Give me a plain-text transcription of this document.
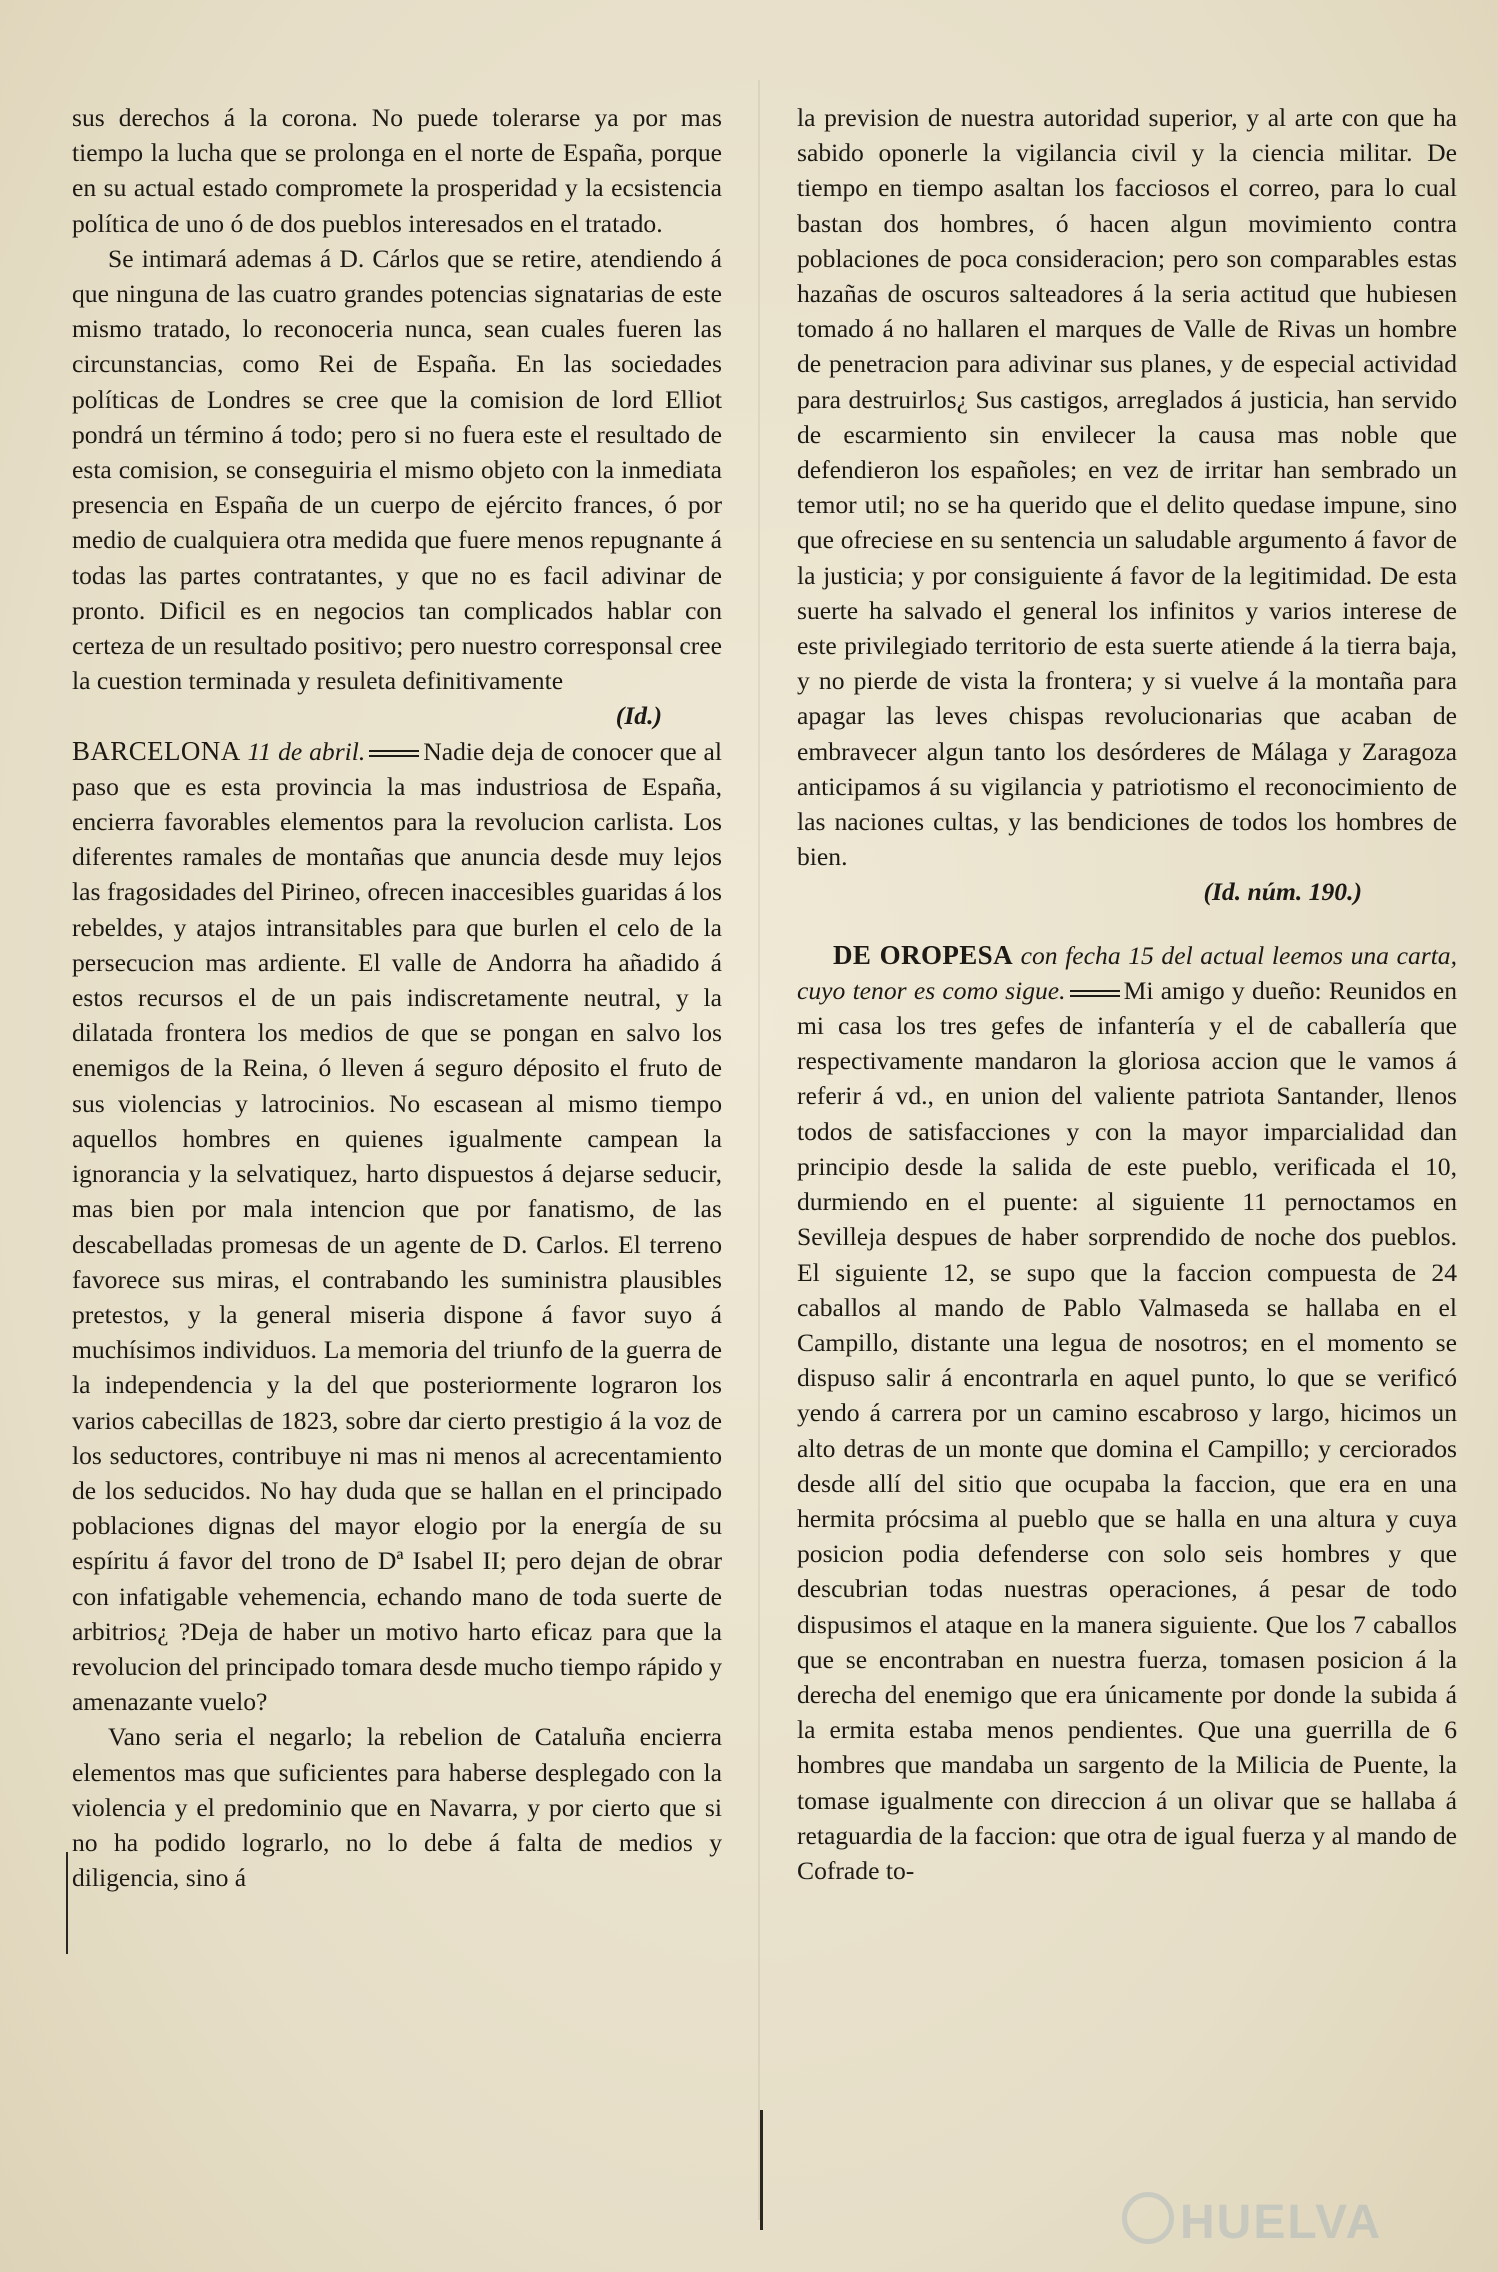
sus derechos á la corona. No puede tolerarse ya por mas tiempo la lucha que se prolonga en el norte de España, porque en su actual estado compromete la prosperidad y la ecsistencia política de uno ó de dos pueblos interesados en el tratado.

Se intimará ademas á D. Cárlos que se retire, atendiendo á que ninguna de las cuatro grandes potencias signatarias de este mismo tratado, lo reconoceria nunca, sean cuales fueren las circunstancias, como Rei de España. En las sociedades políticas de Londres se cree que la comision de lord Elliot pondrá un término á todo; pero si no fuera este el resultado de esta comision, se conseguiria el mismo objeto con la inmediata presencia en España de un cuerpo de ejército frances, ó por medio de cualquiera otra medida que fuere menos repugnante á todas las partes contratantes, y que no es facil adivinar de pronto. Dificil es en negocios tan complicados hablar con certeza de un resultado positivo; pero nuestro corresponsal cree la cuestion terminada y resuleta definitivamente

(Id.)

BARCELONA 11 de abril. Nadie deja de conocer que al paso que es esta provincia la mas industriosa de España, encierra favorables elementos para la revolucion carlista. Los diferentes ramales de montañas que anuncia desde muy lejos las fragosidades del Pirineo, ofrecen inaccesibles guaridas á los rebeldes, y atajos intransitables para que burlen el celo de la persecucion mas ardiente. El valle de Andorra ha añadido á estos recursos el de un pais indiscretamente neutral, y la dilatada frontera los medios de que se pongan en salvo los enemigos de la Reina, ó lleven á seguro déposito el fruto de sus violencias y latrocinios. No escasean al mismo tiempo aquellos hombres en quienes igualmente campean la ignorancia y la selvatiquez, harto dispuestos á dejarse seducir, mas bien por mala intencion que por fanatismo, de las descabelladas promesas de un agente de D. Carlos. El terreno favorece sus miras, el contrabando les suministra plausibles pretestos, y la general miseria dispone á favor suyo á muchísimos individuos. La memoria del triunfo de la guerra de la independencia y la del que posteriormente lograron los varios cabecillas de 1823, sobre dar cierto prestigio á la voz de los seductores, contribuye ni mas ni menos al acrecentamiento de los seducidos. No hay duda que se hallan en el principado poblaciones dignas del mayor elogio por la energía de su espíritu á favor del trono de Dª Isabel II; pero dejan de obrar con infatigable vehemencia, echando mano de toda suerte de arbitrios¿ ?Deja de haber un motivo harto eficaz para que la revolucion del principado tomara desde mucho tiempo rápido y amenazante vuelo?

Vano seria el negarlo; la rebelion de Cataluña encierra elementos mas que suficientes para haberse desplegado con la violencia y el predominio que en Navarra, y por cierto que si no ha podido lograrlo, no lo debe á falta de medios y diligencia, sino á

la prevision de nuestra autoridad superior, y al arte con que ha sabido oponerle la vigilancia civil y la ciencia militar. De tiempo en tiempo asaltan los facciosos el correo, para lo cual bastan dos hombres, ó hacen algun movimiento contra poblaciones de poca consideracion; pero son comparables estas hazañas de oscuros salteadores á la seria actitud que hubiesen tomado á no hallaren el marques de Valle de Rivas un hombre de penetracion para adivinar sus planes, y de especial actividad para destruirlos¿ Sus castigos, arreglados á justicia, han servido de escarmiento sin envilecer la causa mas noble que defendieron los españoles; en vez de irritar han sembrado un temor util; no se ha querido que el delito quedase impune, sino que ofreciese en su sentencia un saludable argumento á favor de la justicia; y por consiguiente á favor de la legitimidad. De esta suerte ha salvado el general los infinitos y varios interese de este privilegiado territorio de esta suerte atiende á la tierra baja, y no pierde de vista la frontera; y si vuelve á la montaña para apagar las leves chispas revolucionarias que acaban de embravecer algun tanto los desórderes de Málaga y Zaragoza anticipamos á su vigilancia y patriotismo el reconocimiento de las naciones cultas, y las bendiciones de todos los hombres de bien.

(Id. núm. 190.)

DE OROPESA con fecha 15 del actual leemos una carta, cuyo tenor es como sigue. Mi amigo y dueño: Reunidos en mi casa los tres gefes de infantería y el de caballería que respectivamente mandaron la gloriosa accion que le vamos á referir á vd., en union del valiente patriota Santander, llenos todos de satisfacciones y con la mayor imparcialidad dan principio desde la salida de este pueblo, verificada el 10, durmiendo en el puente: al siguiente 11 pernoctamos en Sevilleja despues de haber sorprendido de noche dos pueblos. El siguiente 12, se supo que la faccion compuesta de 24 caballos al mando de Pablo Valmaseda se hallaba en el Campillo, distante una legua de nosotros; en el momento se dispuso salir á encontrarla en aquel punto, lo que se verificó yendo á carrera por un camino escabroso y largo, hicimos un alto detras de un monte que domina el Campillo; y cerciorados desde allí del sitio que ocupaba la faccion, que era en una hermita prócsima al pueblo que se halla en una altura y cuya posicion podia defenderse con solo seis hombres y que descubrian todas nuestras operaciones, á pesar de todo dispusimos el ataque en la manera siguiente. Que los 7 caballos que se encontraban en nuestra fuerza, tomasen posicion á la derecha del enemigo que era únicamente por donde la subida á la ermita estaba menos pendientes. Que una guerrilla de 6 hombres que mandaba un sargento de la Milicia de Puente, la tomase igualmente con direccion á un olivar que se hallaba á retaguardia de la faccion: que otra de igual fuerza y al mando de Cofrade to-

HUELVA
